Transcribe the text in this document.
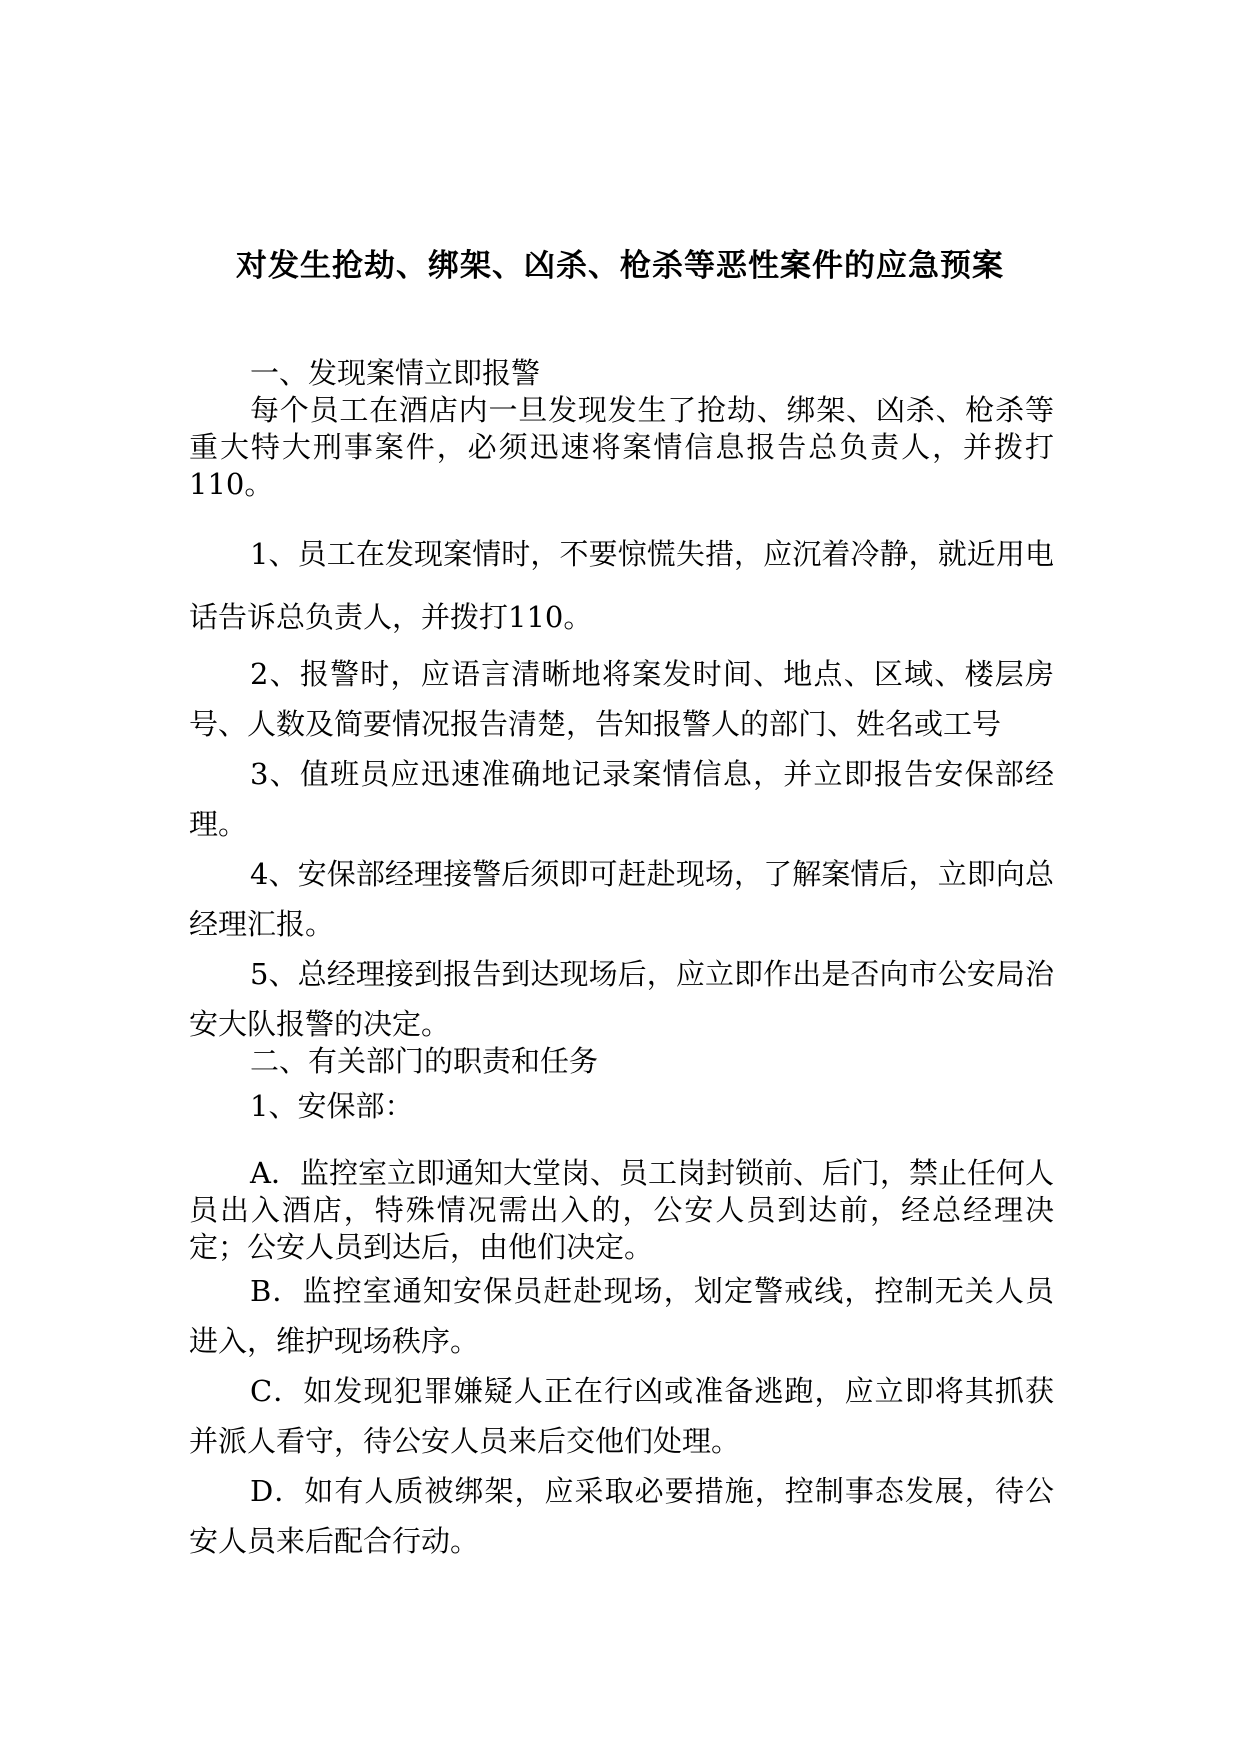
对发生抢劫、绑架、凶杀、枪杀等恶性案件的应急预案

一、发现案情立即报警

每个员工在酒店内一旦发现发生了抢劫、绑架、凶杀、枪杀等重大特大刑事案件，必须迅速将案情信息报告总负责人，并拨打110。

1、员工在发现案情时，不要惊慌失措，应沉着冷静，就近用电话告诉总负责人，并拨打110。

2、报警时，应语言清晰地将案发时间、地点、区域、楼层房号、人数及简要情况报告清楚，告知报警人的部门、姓名或工号

3、值班员应迅速准确地记录案情信息，并立即报告安保部经理。

4、安保部经理接警后须即可赶赴现场，了解案情后，立即向总经理汇报。

5、总经理接到报告到达现场后，应立即作出是否向市公安局治安大队报警的决定。

二、有关部门的职责和任务

1、安保部：

A．监控室立即通知大堂岗、员工岗封锁前、后门，禁止任何人员出入酒店，特殊情况需出入的，公安人员到达前，经总经理决定；公安人员到达后，由他们决定。

B．监控室通知安保员赶赴现场，划定警戒线，控制无关人员进入，维护现场秩序。

C．如发现犯罪嫌疑人正在行凶或准备逃跑，应立即将其抓获并派人看守，待公安人员来后交他们处理。

D．如有人质被绑架，应采取必要措施，控制事态发展，待公安人员来后配合行动。
